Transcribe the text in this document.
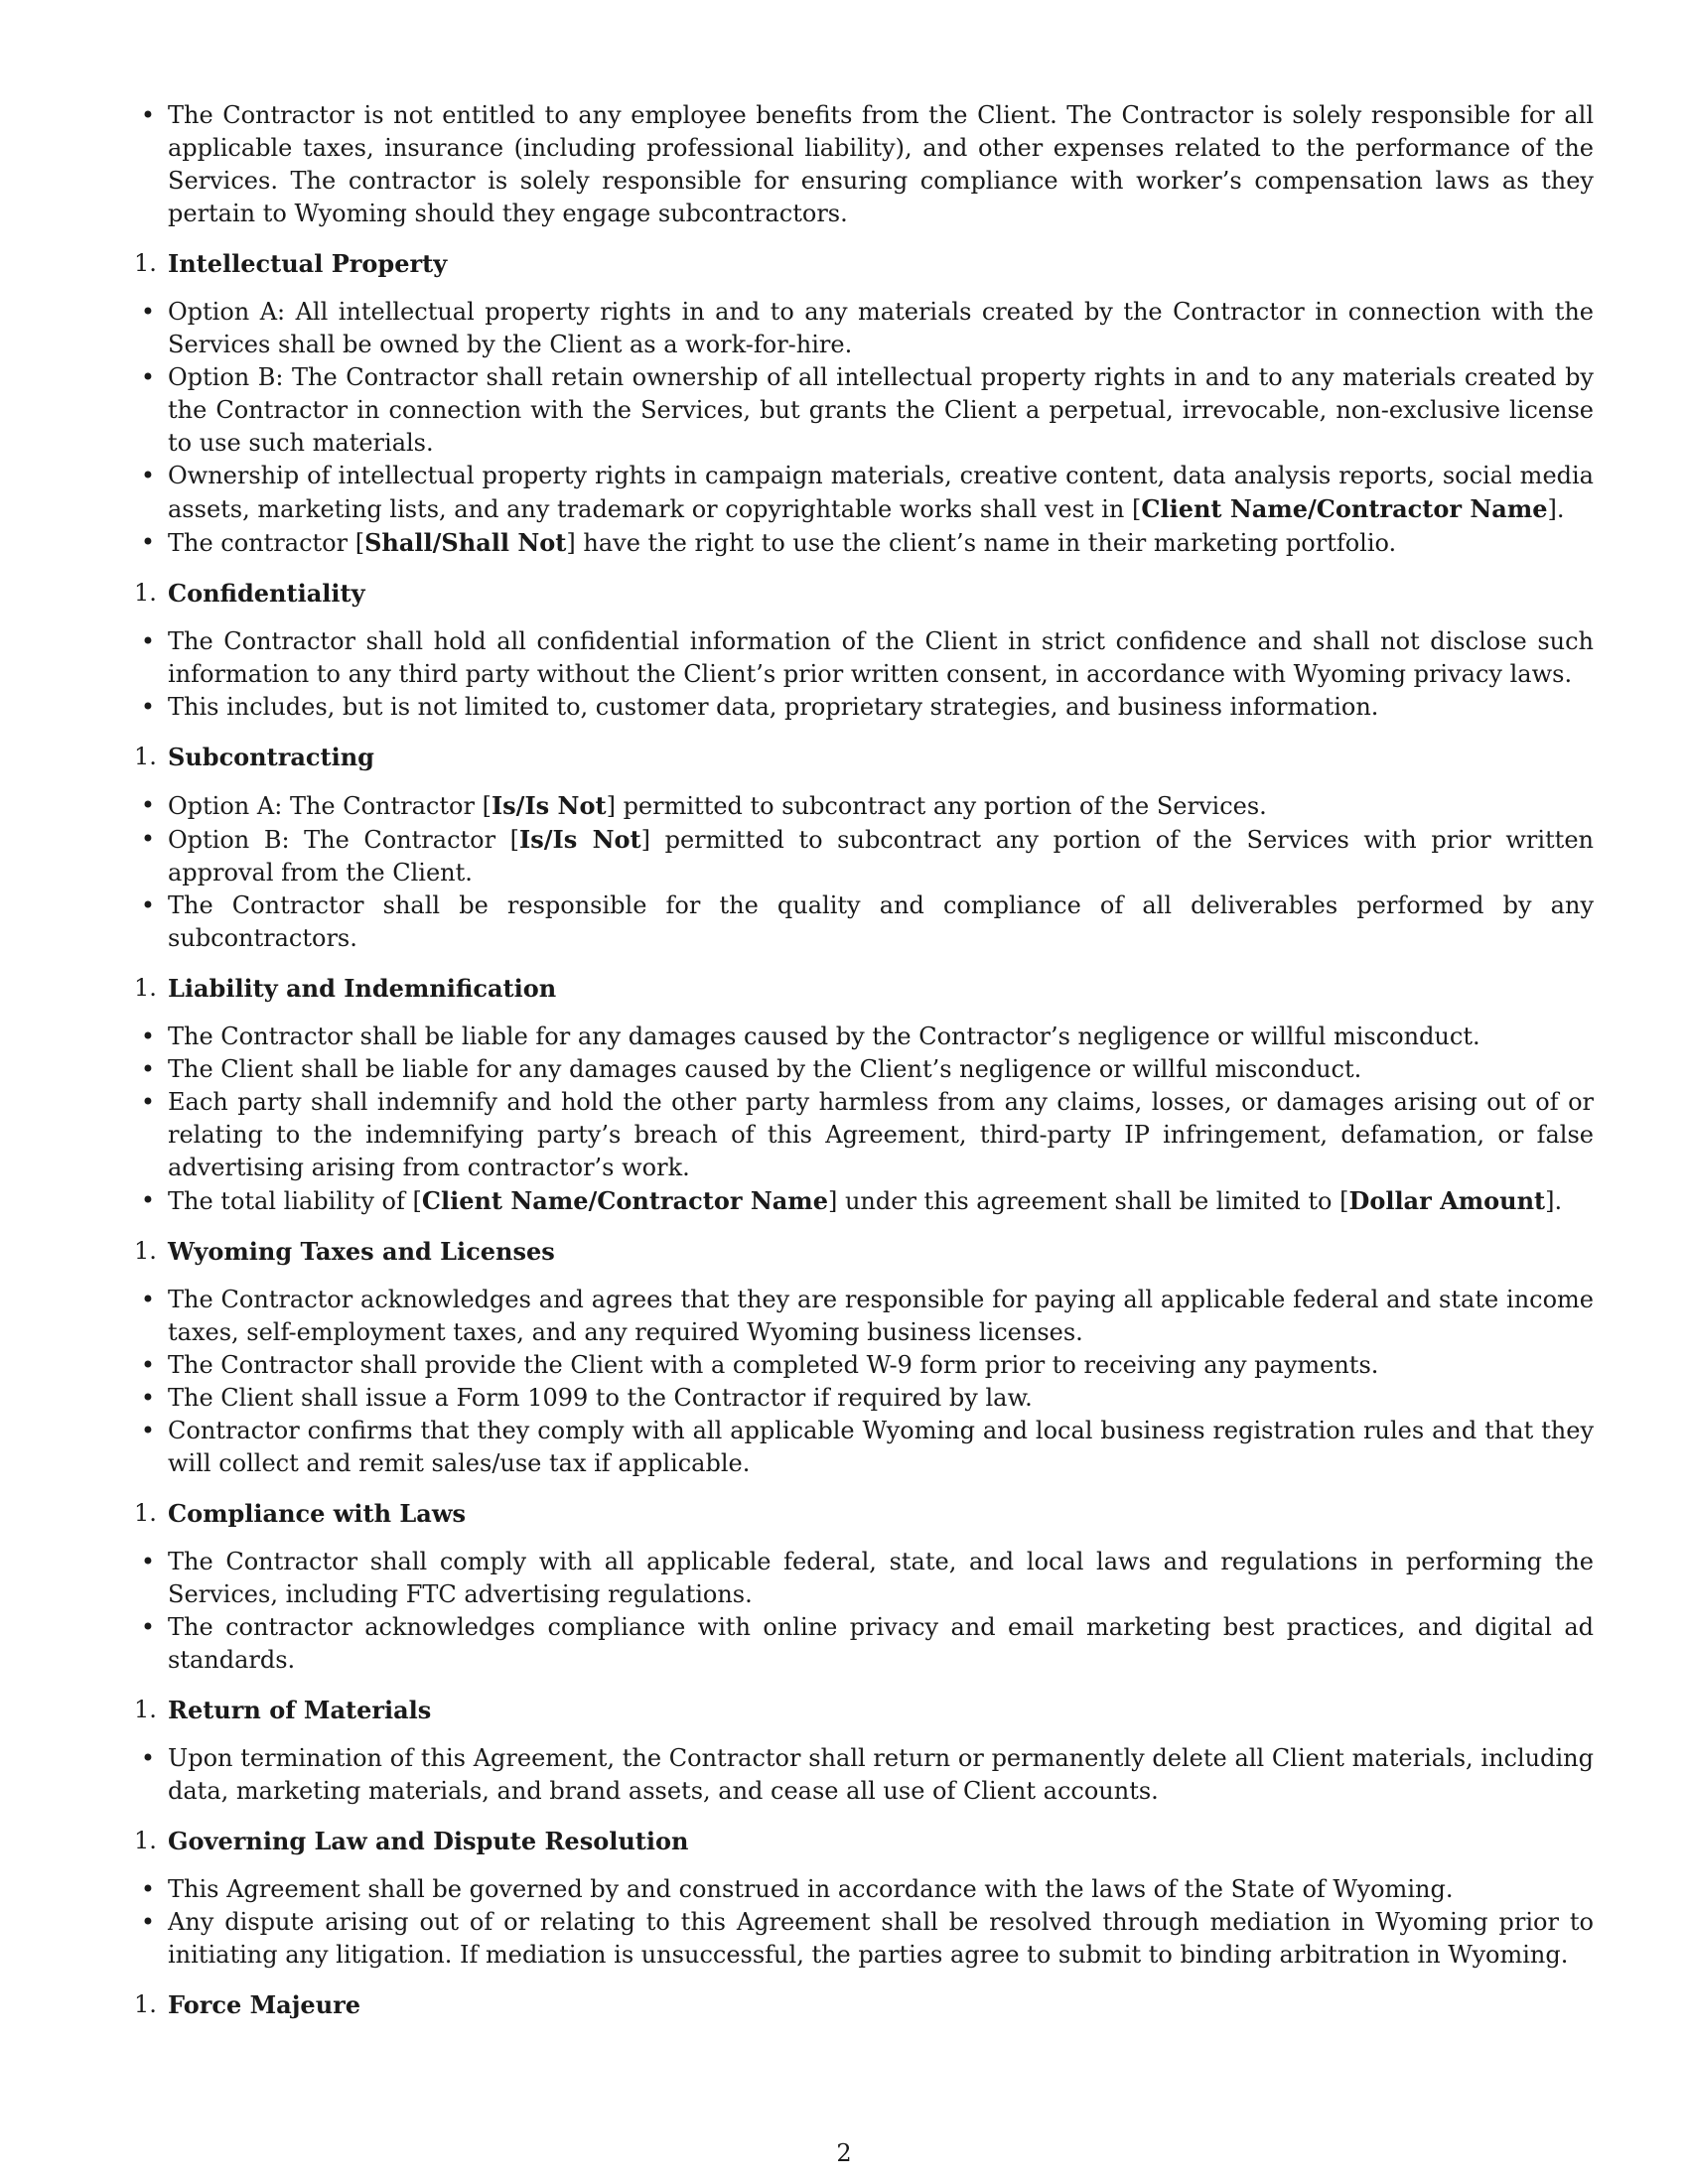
• The Contractor is not entitled to any employee benefits from the Client. The Contractor is solely responsible for all applicable taxes, insurance (including professional liability), and other expenses related to the performance of the Services. The contractor is solely responsible for ensuring compliance with worker’s compensation laws as they pertain to Wyoming should they engage subcontractors.
1. Intellectual Property
• Option A: All intellectual property rights in and to any materials created by the Contractor in connection with the Services shall be owned by the Client as a work-for-hire.
• Option B: The Contractor shall retain ownership of all intellectual property rights in and to any materials created by the Contractor in connection with the Services, but grants the Client a perpetual, irrevocable, non-exclusive license to use such materials.
• Ownership of intellectual property rights in campaign materials, creative content, data analysis reports, social media assets, marketing lists, and any trademark or copyrightable works shall vest in [Client Name/Contractor Name].
• The contractor [Shall/Shall Not] have the right to use the client’s name in their marketing portfolio.
1. Confidentiality
• The Contractor shall hold all confidential information of the Client in strict confidence and shall not disclose such information to any third party without the Client’s prior written consent, in accordance with Wyoming privacy laws.
• This includes, but is not limited to, customer data, proprietary strategies, and business information.
1. Subcontracting
• Option A: The Contractor [Is/Is Not] permitted to subcontract any portion of the Services.
• Option B: The Contractor [Is/Is Not] permitted to subcontract any portion of the Services with prior written approval from the Client.
• The Contractor shall be responsible for the quality and compliance of all deliverables performed by any subcontractors.
1. Liability and Indemnification
• The Contractor shall be liable for any damages caused by the Contractor’s negligence or willful misconduct.
• The Client shall be liable for any damages caused by the Client’s negligence or willful misconduct.
• Each party shall indemnify and hold the other party harmless from any claims, losses, or damages arising out of or relating to the indemnifying party’s breach of this Agreement, third-party IP infringement, defamation, or false advertising arising from contractor’s work.
• The total liability of [Client Name/Contractor Name] under this agreement shall be limited to [Dollar Amount].
1. Wyoming Taxes and Licenses
• The Contractor acknowledges and agrees that they are responsible for paying all applicable federal and state income taxes, self-employment taxes, and any required Wyoming business licenses.
• The Contractor shall provide the Client with a completed W-9 form prior to receiving any payments.
• The Client shall issue a Form 1099 to the Contractor if required by law.
• Contractor confirms that they comply with all applicable Wyoming and local business registration rules and that they will collect and remit sales/use tax if applicable.
1. Compliance with Laws
• The Contractor shall comply with all applicable federal, state, and local laws and regulations in performing the Services, including FTC advertising regulations.
• The contractor acknowledges compliance with online privacy and email marketing best practices, and digital ad standards.
1. Return of Materials
• Upon termination of this Agreement, the Contractor shall return or permanently delete all Client materials, including data, marketing materials, and brand assets, and cease all use of Client accounts.
1. Governing Law and Dispute Resolution
• This Agreement shall be governed by and construed in accordance with the laws of the State of Wyoming.
• Any dispute arising out of or relating to this Agreement shall be resolved through mediation in Wyoming prior to initiating any litigation. If mediation is unsuccessful, the parties agree to submit to binding arbitration in Wyoming.
1. Force Majeure
2
